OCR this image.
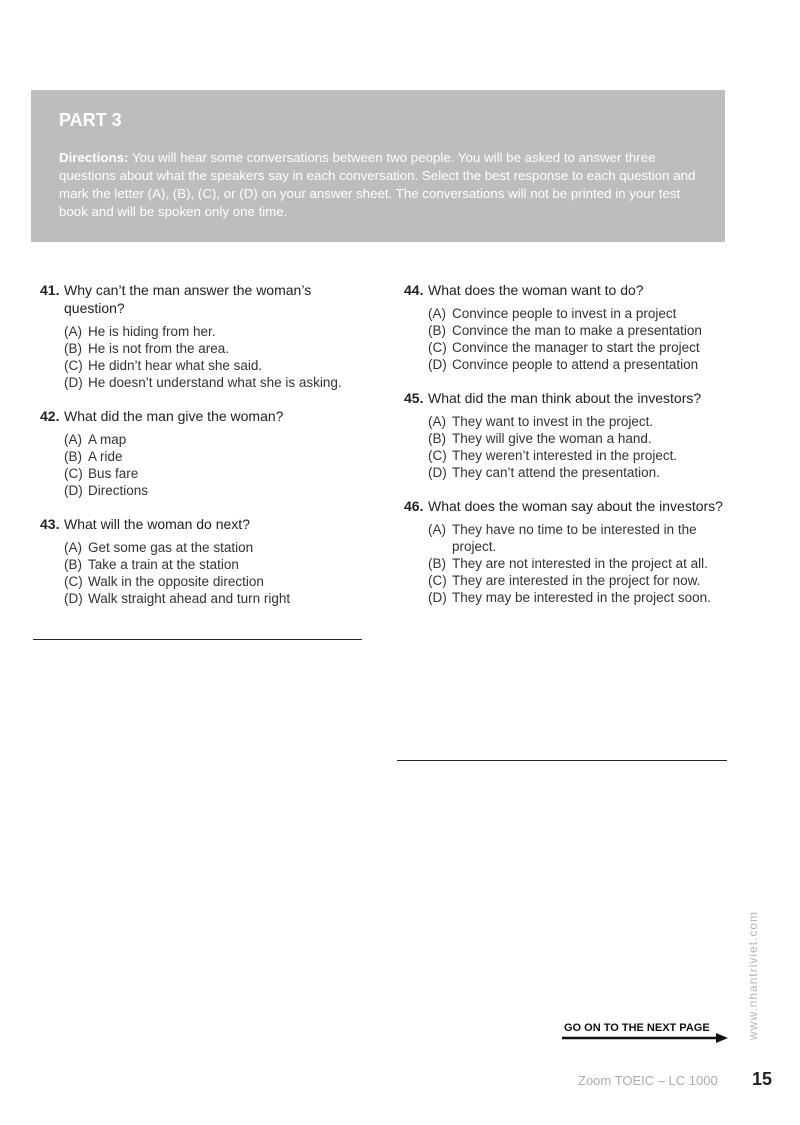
PART 3
Directions: You will hear some conversations between two people. You will be asked to answer three questions about what the speakers say in each conversation. Select the best response to each question and mark the letter (A), (B), (C), or (D) on your answer sheet. The conversations will not be printed in your test book and will be spoken only one time.
41. Why can’t the man answer the woman’s question?
(A) He is hiding from her.
(B) He is not from the area.
(C) He didn’t hear what she said.
(D) He doesn’t understand what she is asking.
42. What did the man give the woman?
(A) A map
(B) A ride
(C) Bus fare
(D) Directions
43. What will the woman do next?
(A) Get some gas at the station
(B) Take a train at the station
(C) Walk in the opposite direction
(D) Walk straight ahead and turn right
44. What does the woman want to do?
(A) Convince people to invest in a project
(B) Convince the man to make a presentation
(C) Convince the manager to start the project
(D) Convince people to attend a presentation
45. What did the man think about the investors?
(A) They want to invest in the project.
(B) They will give the woman a hand.
(C) They weren’t interested in the project.
(D) They can’t attend the presentation.
46. What does the woman say about the investors?
(A) They have no time to be interested in the project.
(B) They are not interested in the project at all.
(C) They are interested in the project for now.
(D) They may be interested in the project soon.
GO ON TO THE NEXT PAGE	www.nhantriviet.com
Zoom TOEIC – LC 1000 15
